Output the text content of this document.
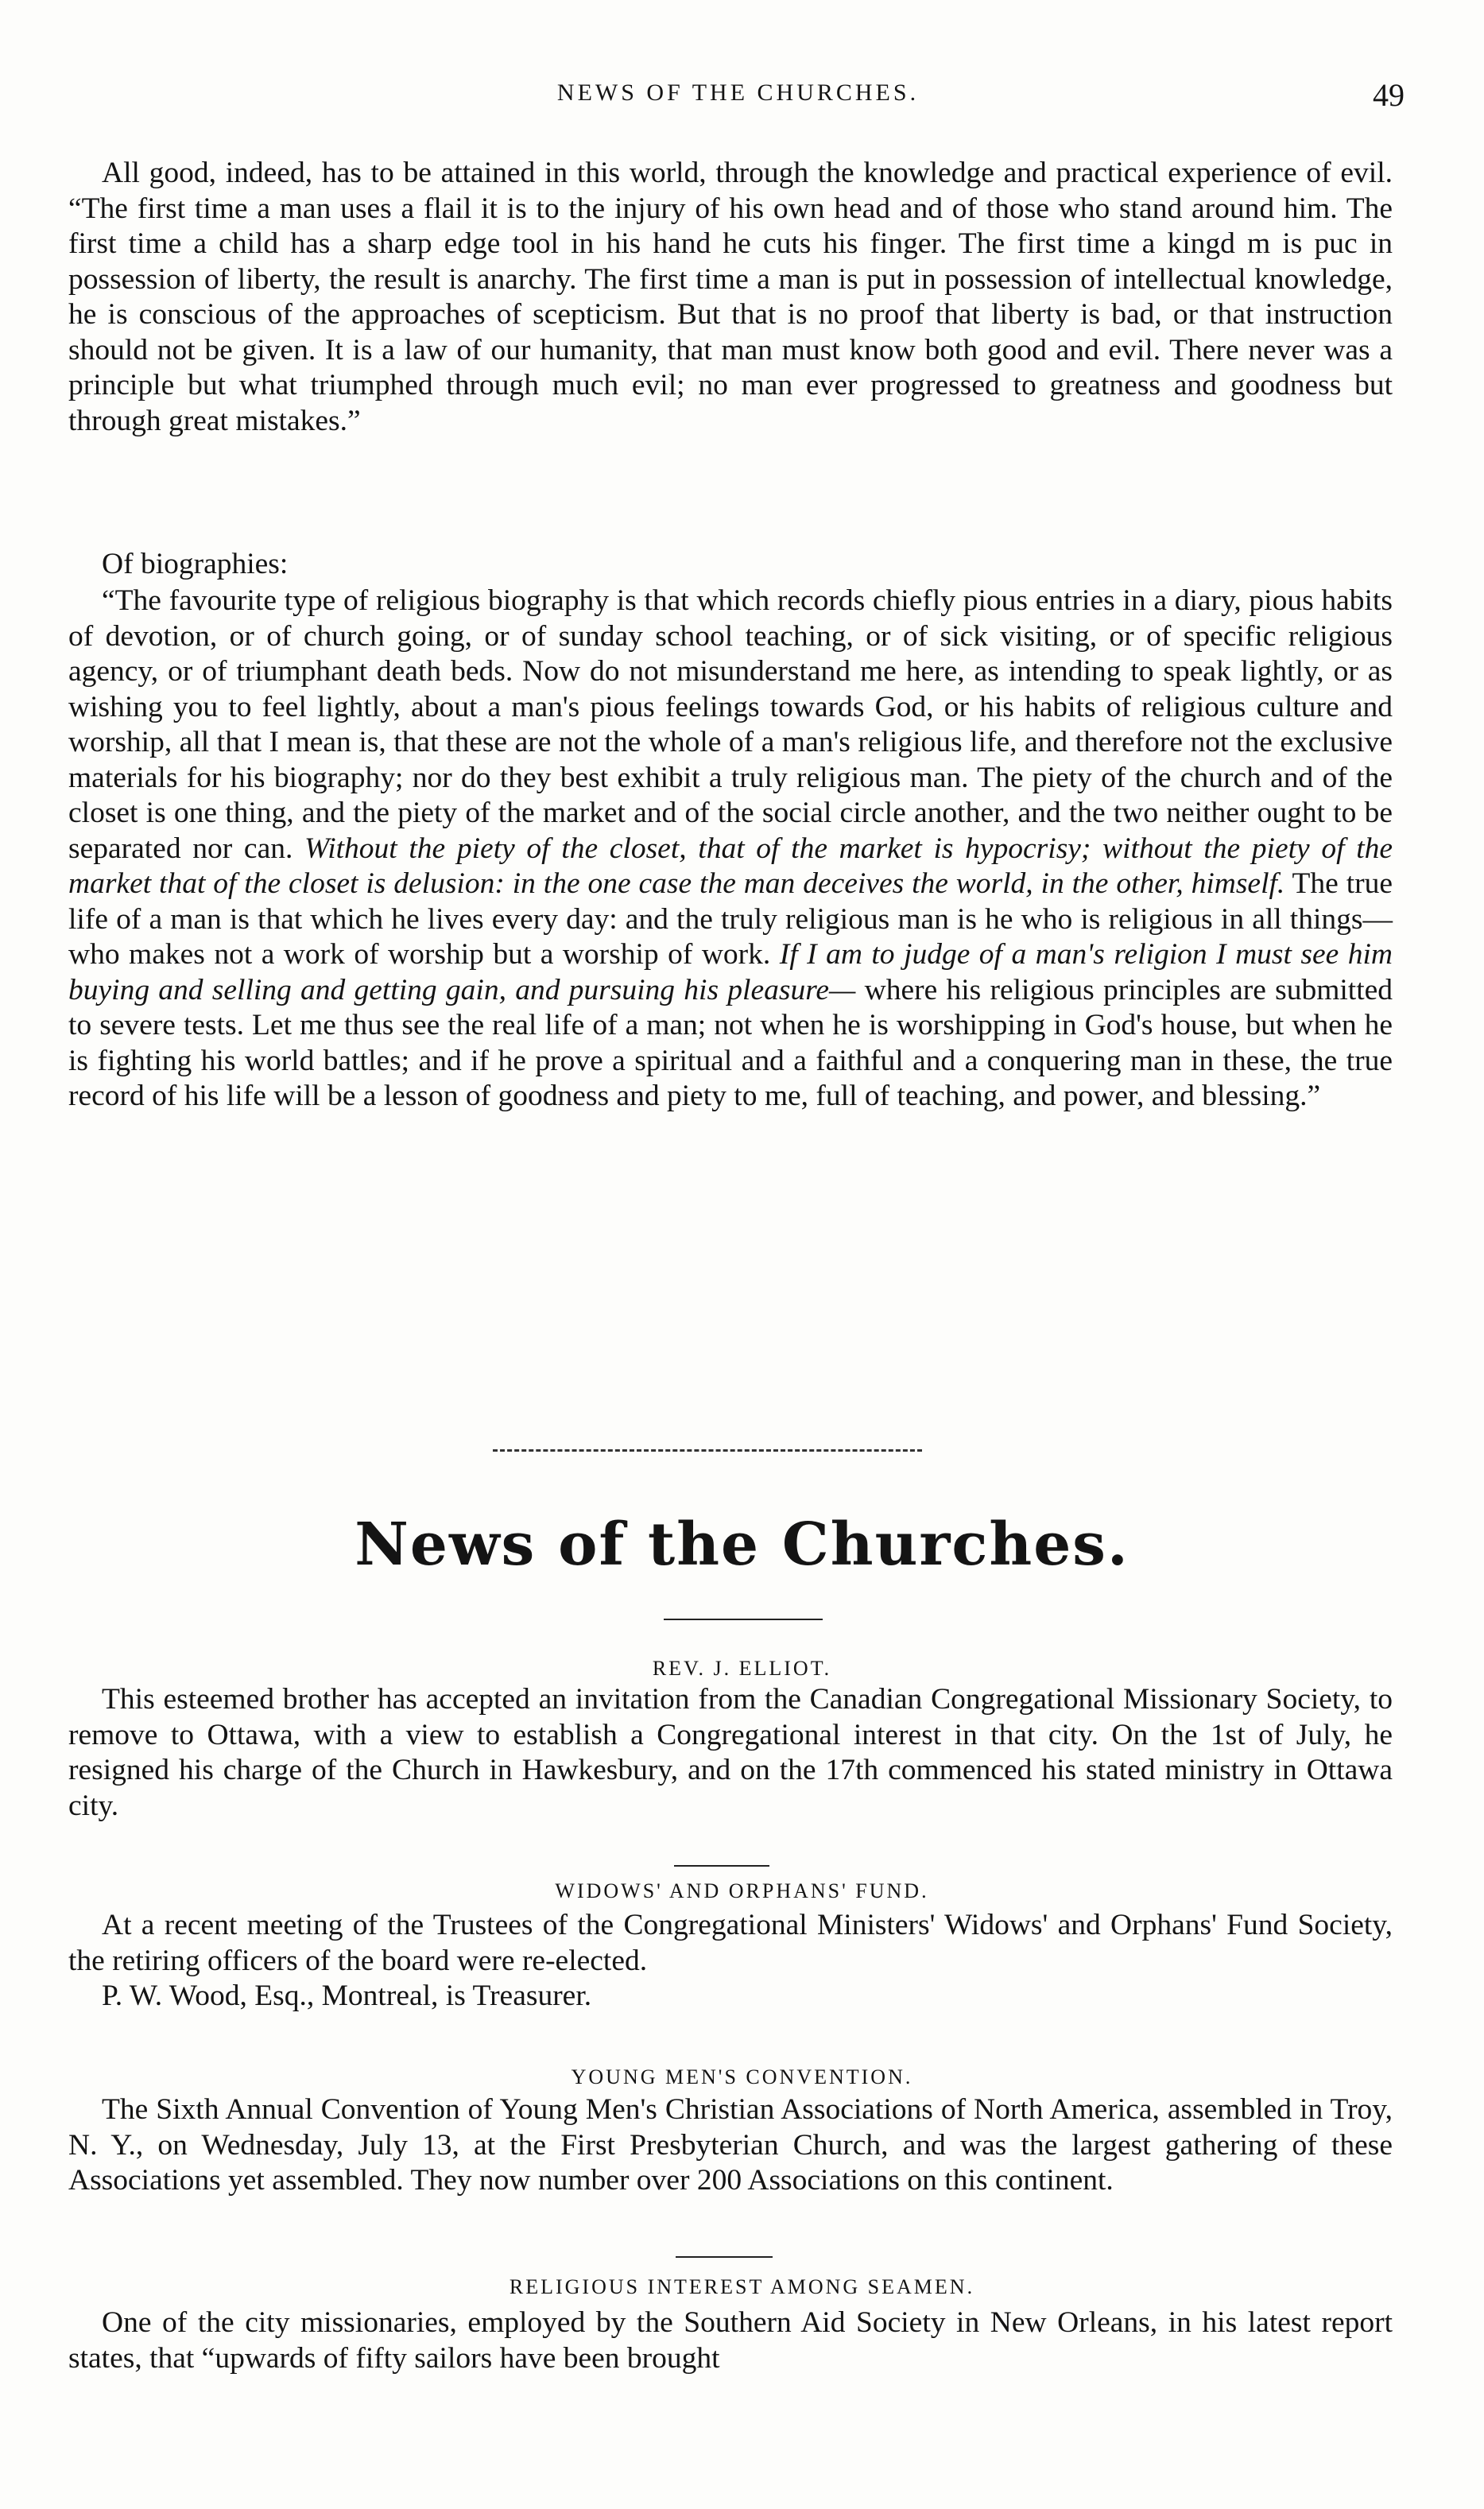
NEWS OF THE CHURCHES.	49

All good, indeed, has to be attained in this world, through the knowledge and practical experience of evil. “The first time a man uses a flail it is to the injury of his own head and of those who stand around him. The first time a child has a sharp edge tool in his hand he cuts his finger. The first time a kingd m is puc in possession of liberty, the result is anarchy. The first time a man is put in possession of intellectual knowledge, he is conscious of the approaches of scepticism. But that is no proof that liberty is bad, or that instruction should not be given. It is a law of our humanity, that man must know both good and evil. There never was a principle but what triumphed through much evil; no man ever progressed to greatness and goodness but through great mistakes.”

Of biographies:

“The favourite type of religious biography is that which records chiefly pious entries in a diary, pious habits of devotion, or of church going, or of sunday school teaching, or of sick visiting, or of specific religious agency, or of triumphant death beds. Now do not misunderstand me here, as intending to speak lightly, or as wishing you to feel lightly, about a man's pious feelings towards God, or his habits of religious culture and worship, all that I mean is, that these are not the whole of a man's religious life, and therefore not the exclusive materials for his biography; nor do they best exhibit a truly religious man. The piety of the church and of the closet is one thing, and the piety of the market and of the social circle another, and the two neither ought to be separated nor can. Without the piety of the closet, that of the market is hypocrisy; without the piety of the market that of the closet is delusion: in the one case the man deceives the world, in the other, himself. The true life of a man is that which he lives every day: and the truly religious man is he who is religious in all things—who makes not a work of worship but a worship of work. If I am to judge of a man's religion I must see him buying and selling and getting gain, and pursuing his pleasure— where his religious principles are submitted to severe tests. Let me thus see the real life of a man; not when he is worshipping in God's house, but when he is fighting his world battles; and if he prove a spiritual and a faithful and a conquering man in these, the true record of his life will be a lesson of goodness and piety to me, full of teaching, and power, and blessing.”

News of the Churches.
REV. J. ELLIOT.

This esteemed brother has accepted an invitation from the Canadian Congregational Missionary Society, to remove to Ottawa, with a view to establish a Congregational interest in that city. On the 1st of July, he resigned his charge of the Church in Hawkesbury, and on the 17th commenced his stated ministry in Ottawa city.

WIDOWS' AND ORPHANS' FUND.

At a recent meeting of the Trustees of the Congregational Ministers' Widows' and Orphans' Fund Society, the retiring officers of the board were re-elected.

P. W. Wood, Esq., Montreal, is Treasurer.

YOUNG MEN'S CONVENTION.

The Sixth Annual Convention of Young Men's Christian Associations of North America, assembled in Troy, N. Y., on Wednesday, July 13, at the First Presbyterian Church, and was the largest gathering of these Associations yet assembled. They now number over 200 Associations on this continent.

RELIGIOUS INTEREST AMONG SEAMEN.

One of the city missionaries, employed by the Southern Aid Society in New Orleans, in his latest report states, that “upwards of fifty sailors have been brought
